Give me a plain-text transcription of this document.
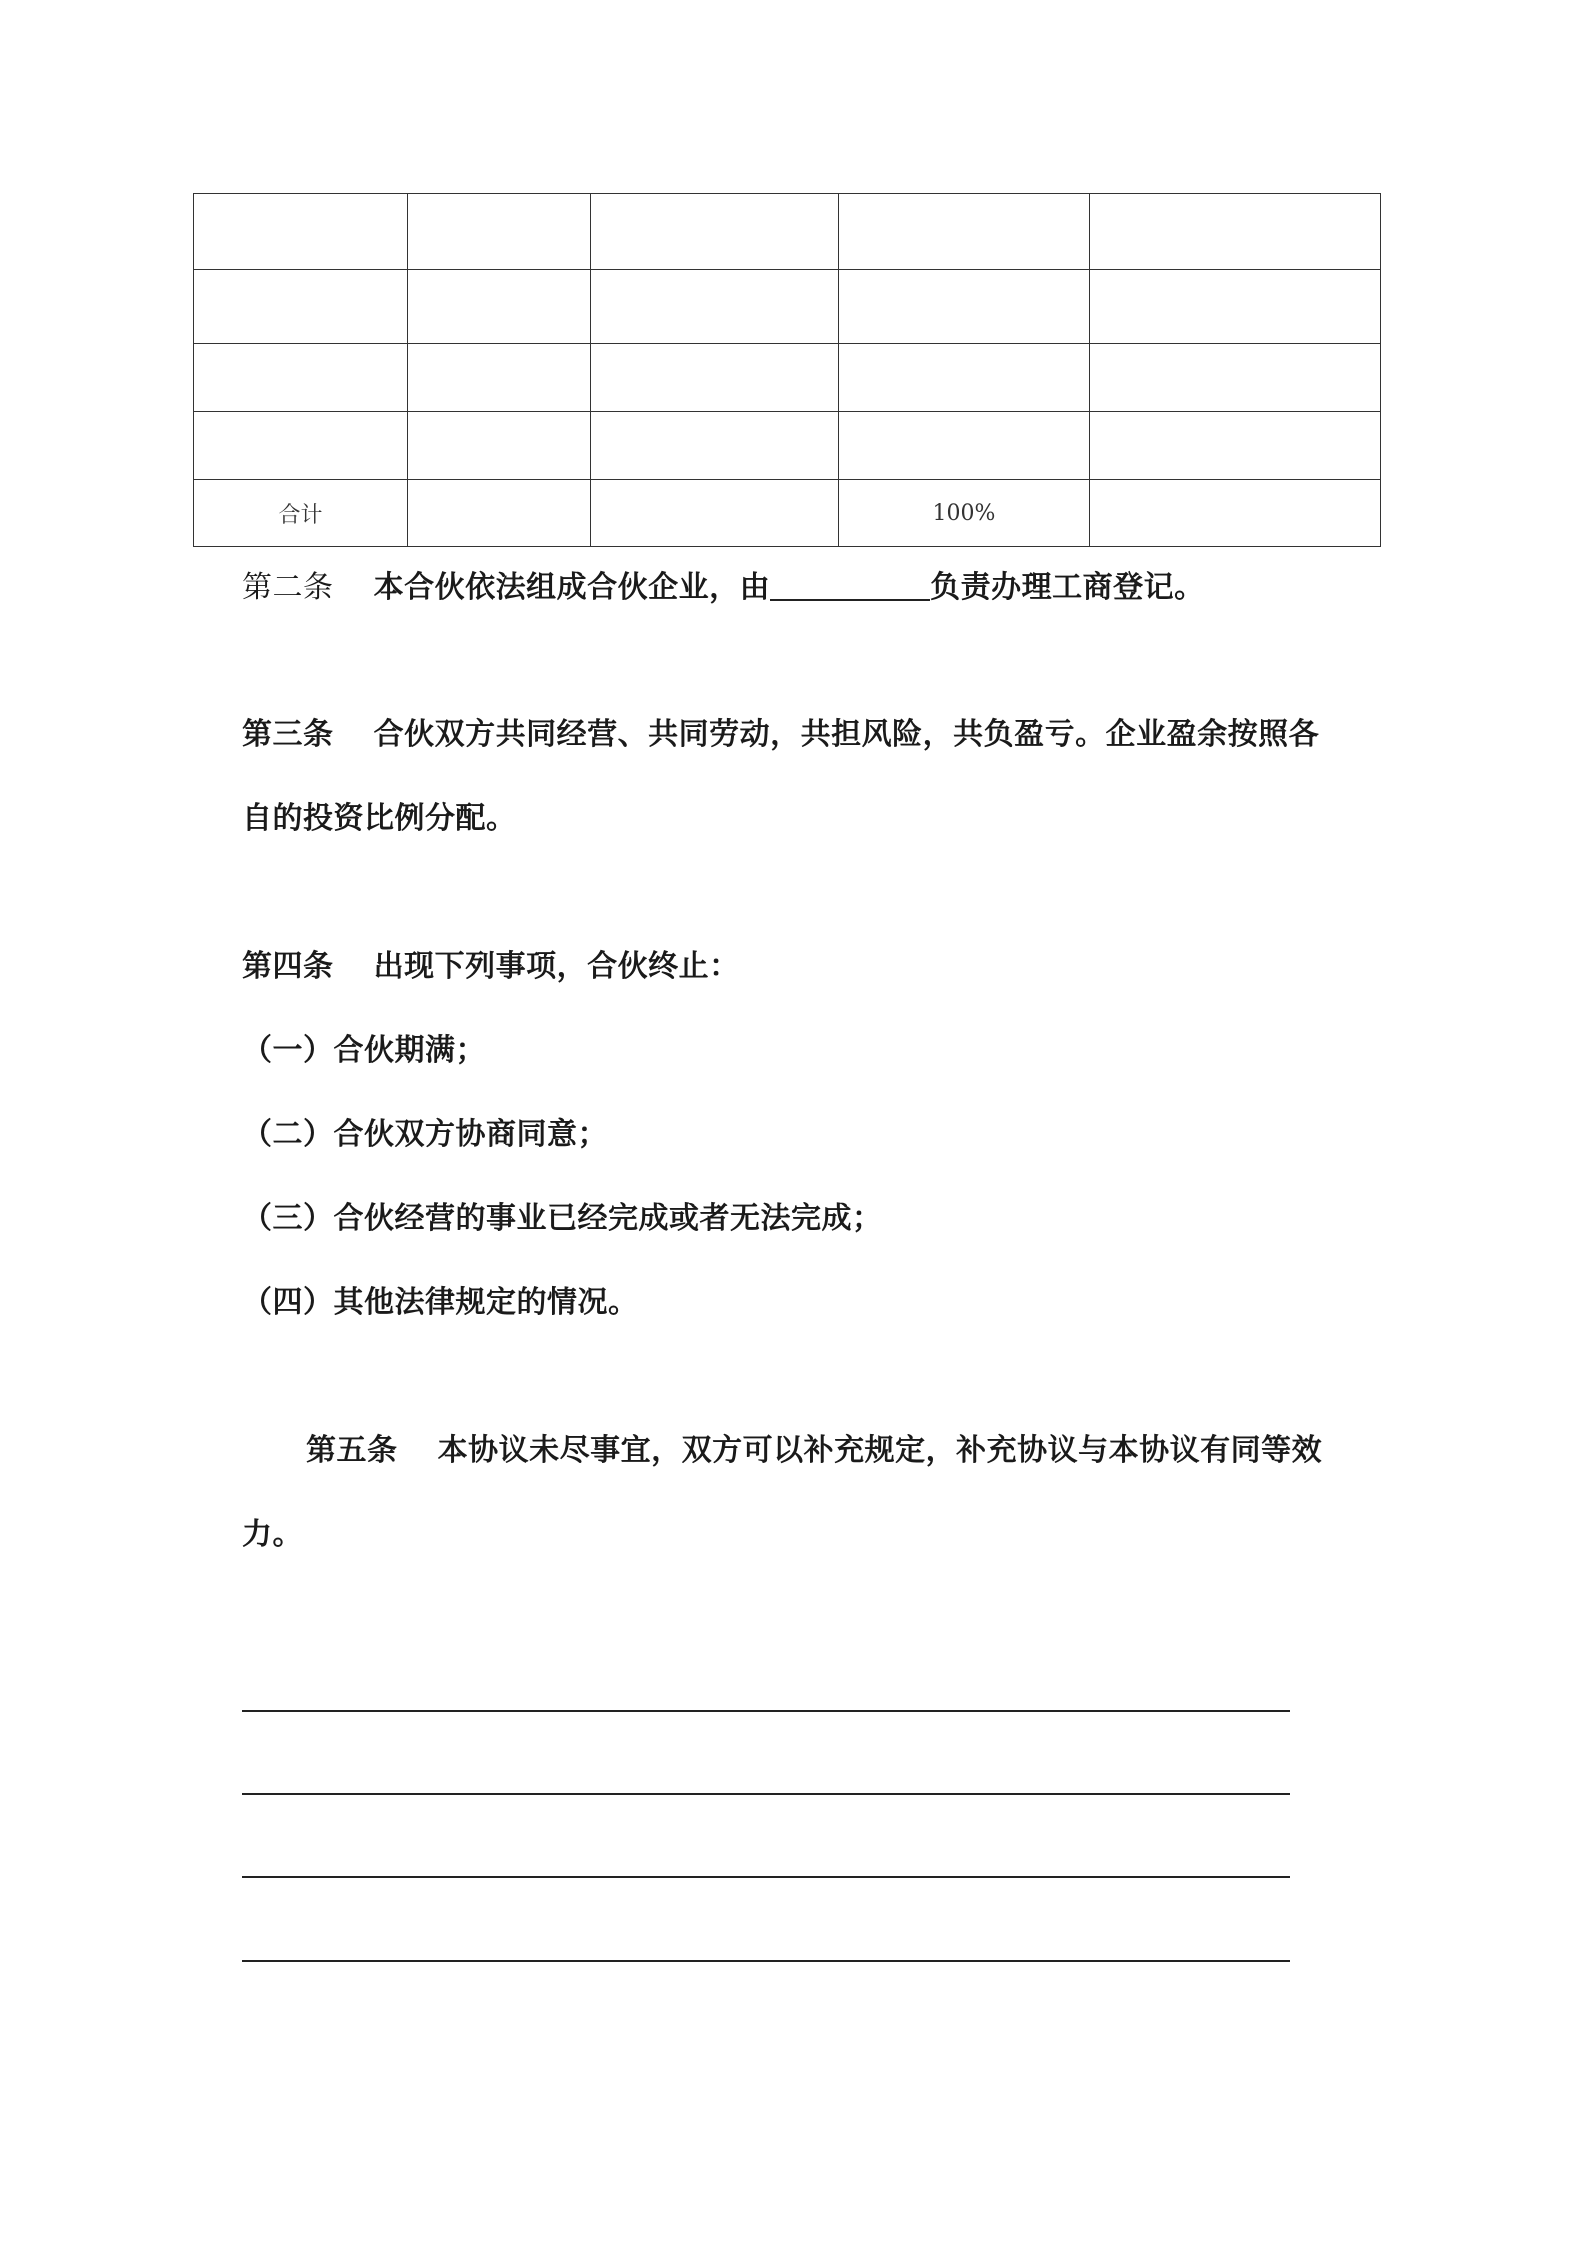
合计			100%	
第二条 本合伙依法组成合伙企业，由	负责办理工商登记。
第三条 合伙双方共同经营、共同劳动，共担风险，共负盈亏。企业盈余按照各
自的投资比例分配。
第四条 出现下列事项，合伙终止：
（一）合伙期满；
（二）合伙双方协商同意；
（三）合伙经营的事业已经完成或者无法完成；
（四）其他法律规定的情况。
第五条 本协议未尽事宜，双方可以补充规定，补充协议与本协议有同等效
力。
